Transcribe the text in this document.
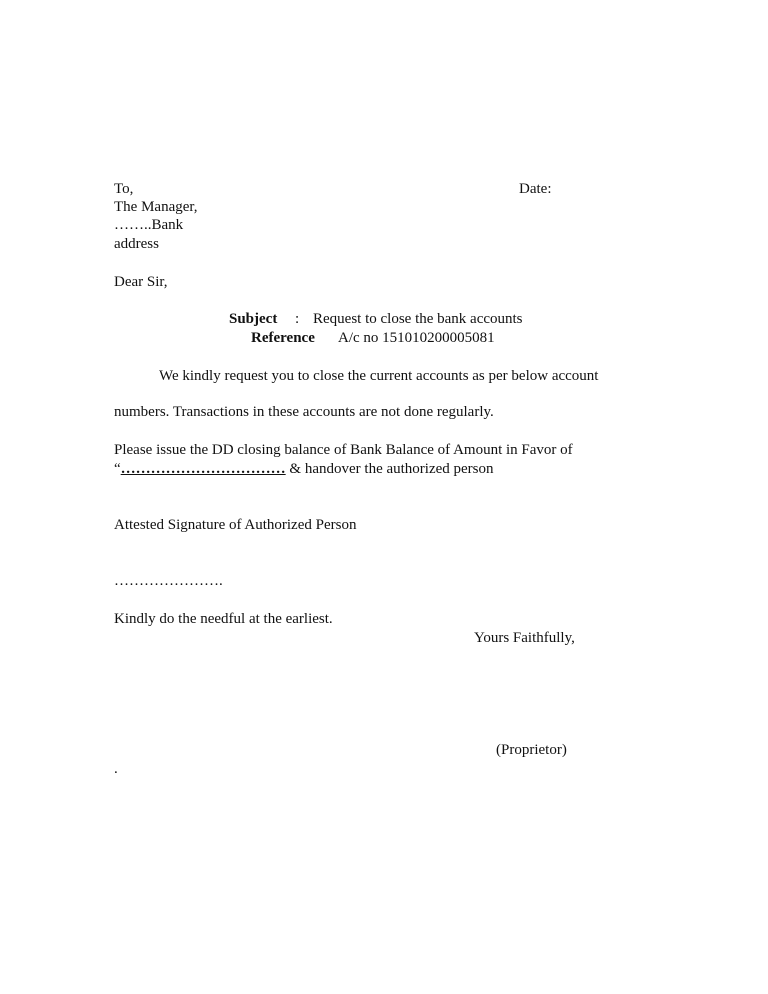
To,	Date:
The Manager,
……..Bank
address
Dear Sir,
Subject : Request to close the bank accounts
Reference A/c no 151010200005081
We kindly request you to close the current accounts as per below account
numbers. Transactions in these accounts are not done regularly.
Please issue the DD closing balance of Bank Balance of Amount in Favor of
“…………………………… & handover the authorized person
Attested Signature of Authorized Person
………………….
Kindly do the needful at the earliest.
Yours Faithfully,
(Proprietor)
.
